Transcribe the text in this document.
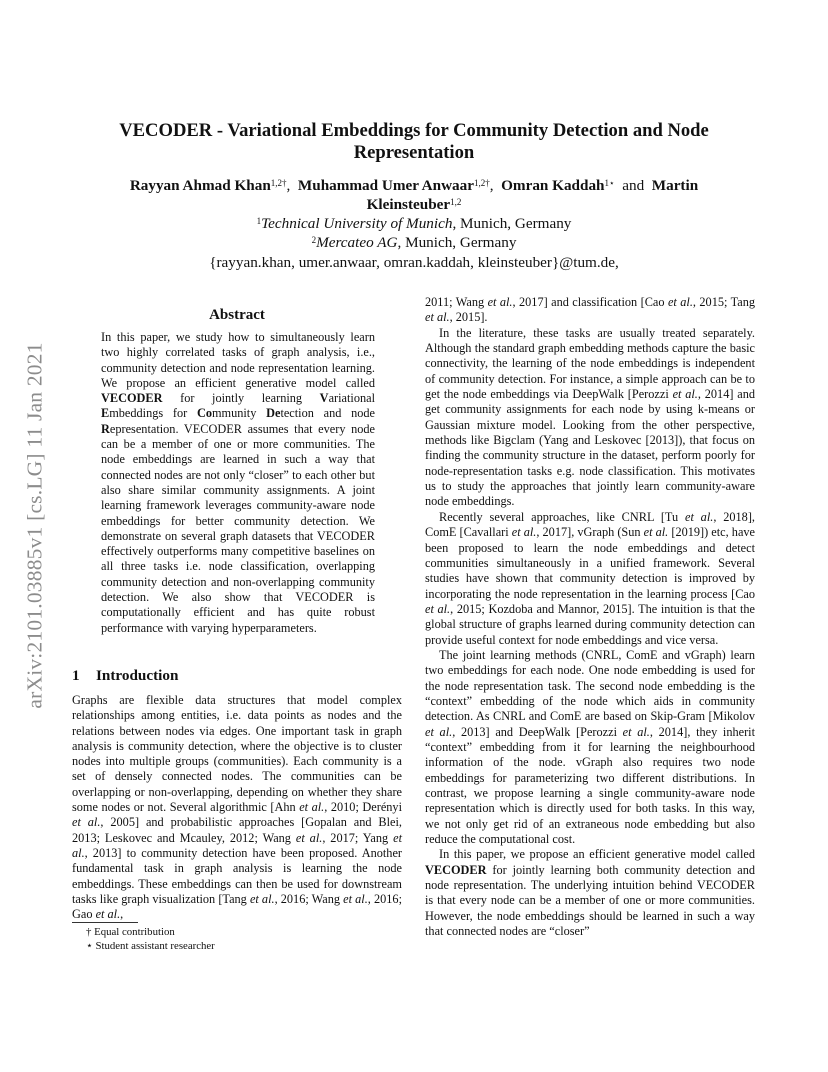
arXiv:2101.03885v1 [cs.LG] 11 Jan 2021
VECODER - Variational Embeddings for Community Detection and Node
Representation
Rayyan Ahmad Khan$^{1,2\dagger}$, Muhammad Umer Anwaar$^{1,2\dagger}$, Omran Kaddah$^{1⋆}$ and Martin
Kleinsteuber$^{1,2}$
$^1$Technical University of Munich, Munich, Germany
$^2$Mercateo AG, Munich, Germany
{rayyan.khan, umer.anwaar, omran.kaddah, kleinsteuber}@tum.de,
Abstract
In this paper, we study how to simultaneously learn two highly correlated tasks of graph analysis, i.e., community detection and node representation learning. We propose an efficient generative model called VECODER for jointly learning Variational Embeddings for Community Detection and node Representation. VECODER assumes that every node can be a member of one or more communities. The node embeddings are learned in such a way that connected nodes are not only “closer” to each other but also share similar community assignments. A joint learning framework leverages community-aware node embeddings for better community detection. We demonstrate on several graph datasets that VECODER effectively outperforms many competitive baselines on all three tasks i.e. node classification, overlapping community detection and non-overlapping community detection. We also show that VECODER is computationally efficient and has quite robust performance with varying hyperparameters.
1 Introduction
Graphs are flexible data structures that model complex relationships among entities, i.e. data points as nodes and the relations between nodes via edges. One important task in graph analysis is community detection, where the objective is to cluster nodes into multiple groups (communities). Each community is a set of densely connected nodes. The communities can be overlapping or non-overlapping, depending on whether they share some nodes or not. Several algorithmic [Ahn et al., 2010; Derényi et al., 2005] and probabilistic approaches [Gopalan and Blei, 2013; Leskovec and Mcauley, 2012; Wang et al., 2017; Yang et al., 2013] to community detection have been proposed. Another fundamental task in graph analysis is learning the node embeddings. These embeddings can then be used for downstream tasks like graph visualization [Tang et al., 2016; Wang et al., 2016; Gao et al.,

2011; Wang et al., 2017] and classification [Cao et al., 2015; Tang et al., 2015].

In the literature, these tasks are usually treated separately. Although the standard graph embedding methods capture the basic connectivity, the learning of the node embeddings is independent of community detection. For instance, a simple approach can be to get the node embeddings via DeepWalk [Perozzi et al., 2014] and get community assignments for each node by using k-means or Gaussian mixture model. Looking from the other perspective, methods like Bigclam (Yang and Leskovec [2013]), that focus on finding the community structure in the dataset, perform poorly for node-representation tasks e.g. node classification. This motivates us to study the approaches that jointly learn community-aware node embeddings.

Recently several approaches, like CNRL [Tu et al., 2018], ComE [Cavallari et al., 2017], vGraph (Sun et al. [2019]) etc, have been proposed to learn the node embeddings and detect communities simultaneously in a unified framework. Several studies have shown that community detection is improved by incorporating the node representation in the learning process [Cao et al., 2015; Kozdoba and Mannor, 2015]. The intuition is that the global structure of graphs learned during community detection can provide useful context for node embeddings and vice versa.

The joint learning methods (CNRL, ComE and vGraph) learn two embeddings for each node. One node embedding is used for the node representation task. The second node embedding is the “context” embedding of the node which aids in community detection. As CNRL and ComE are based on Skip-Gram [Mikolov et al., 2013] and DeepWalk [Perozzi et al., 2014], they inherit “context” embedding from it for learning the neighbourhood information of the node. vGraph also requires two node embeddings for parameterizing two different distributions. In contrast, we propose learning a single community-aware node representation which is directly used for both tasks. In this way, we not only get rid of an extraneous node embedding but also reduce the computational cost.

In this paper, we propose an efficient generative model called VECODER for jointly learning both community detection and node representation. The underlying intuition behind VECODER is that every node can be a member of one or more communities. However, the node embeddings should be learned in such a way that connected nodes are “closer”

† Equal contribution
⋆ Student assistant researcher
